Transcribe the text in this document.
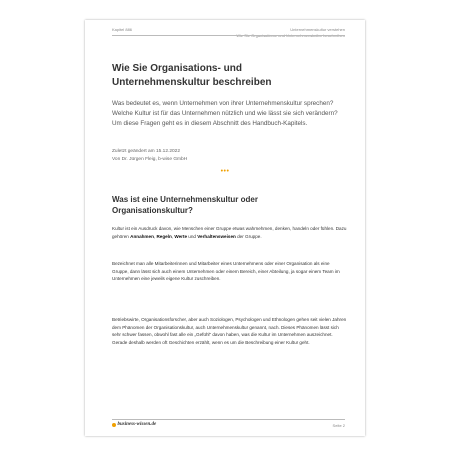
Kapitel 886	Unternehmenskultur verstehen
Wie Sie Organisations- und Unternehmenskultur beschreiben
Wie Sie Organisations- und Unternehmenskultur beschreiben

Was bedeutet es, wenn Unternehmen von ihrer Unternehmenskultur sprechen? Welche Kultur ist für das Unternehmen nützlich und wie lässt sie sich verändern? Um diese Fragen geht es in diesem Abschnitt des Handbuch-Kapitels.

Zuletzt geändert am 15.12.2022
Von Dr. Jürgen Fleig, b-wise GmbH
•••
Was ist eine Unternehmenskultur oder Organisationskultur?

Kultur ist ein Ausdruck davon, wie Menschen einer Gruppe etwas wahrnehmen, denken, handeln oder fühlen. Dazu gehören Annahmen, Regeln, Werte und Verhaltensweisen der Gruppe.

Bezeichnet man alle Mitarbeiterinnen und Mitarbeiter eines Unternehmens oder einer Organisation als eine Gruppe, dann lässt sich auch einem Unternehmen oder einem Bereich, einer Abteilung, ja sogar einem Team im Unternehmen eine jeweils eigene Kultur zuschreiben.

Betriebswirte, Organisationsforscher, aber auch Soziologen, Psychologen und Ethnologen gehen seit vielen Jahren dem Phänomen der Organisationskultur, auch Unternehmenskultur genannt, nach. Dieses Phänomen lässt sich sehr schwer fassen, obwohl fast alle ein „Gefühl“ davon haben, was die Kultur im Unternehmen auszeichnet. Gerade deshalb werden oft Geschichten erzählt, wenn es um die Beschreibung einer Kultur geht.

business-wissen.de	Seite 2
